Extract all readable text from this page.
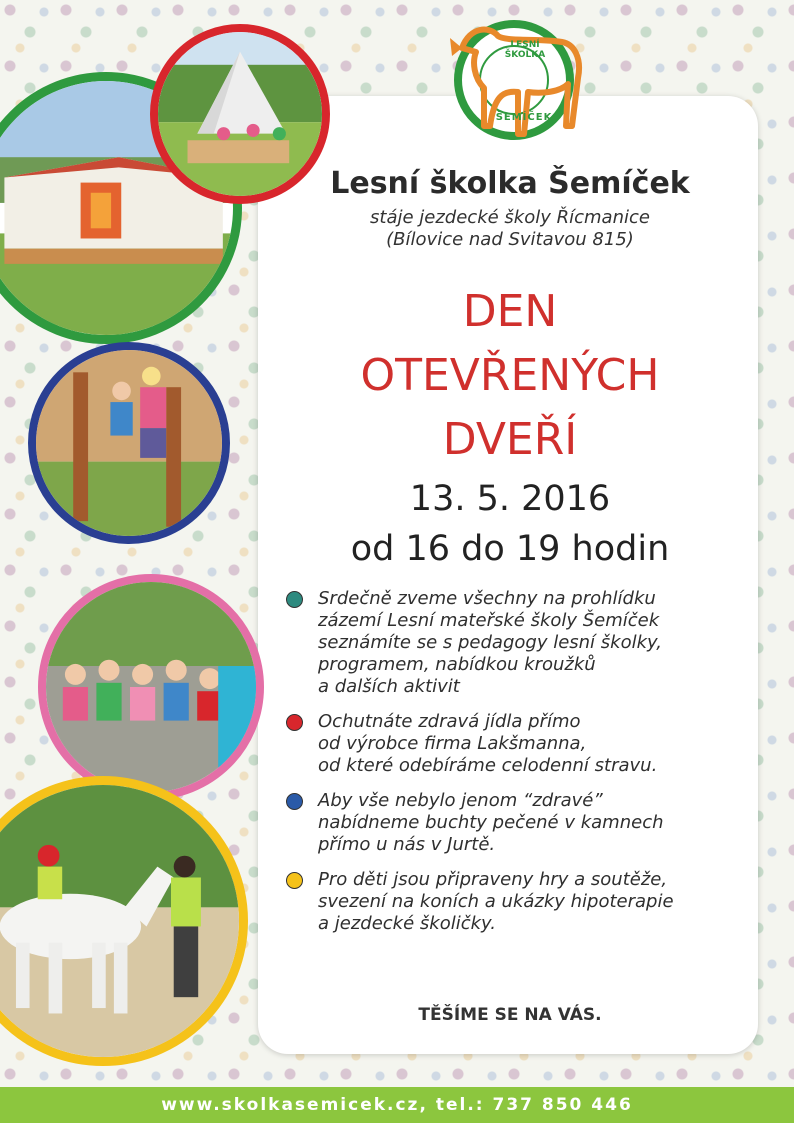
LESNÍ ŠKOLKA
ŠEMÍČEK
Lesní školka Šemíček
stáje jezdecké školy Řícmanice
(Bílovice nad Svitavou 815)
DEN
OTEVŘENÝCH
DVEŘÍ
13. 5. 2016
od 16 do 19 hodin
Srdečně zveme všechny na prohlídku
zázemí Lesní mateřské školy Šemíček
seznámíte se s pedagogy lesní školky,
programem, nabídkou kroužků
a dalších aktivit
Ochutnáte zdravá jídla přímo
od výrobce firma Lakšmanna,
od které odebíráme celodenní stravu.
Aby vše nebylo jenom “zdravé”
nabídneme buchty pečené v kamnech
přímo u nás v Jurtě.
Pro děti jsou připraveny hry a soutěže,
svezení na koních a ukázky hipoterapie
a jezdecké školičky.
TĚŠÍME SE NA VÁS.
www.skolkasemicek.cz, tel.: 737 850 446
